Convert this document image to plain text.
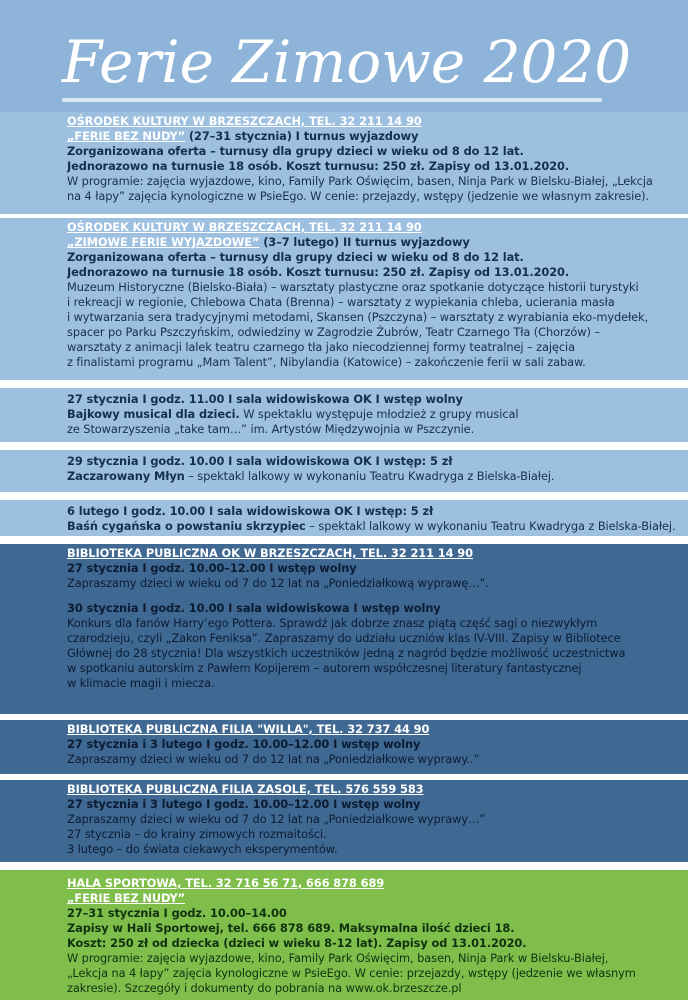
Ferie Zimowe 2020
OŚRODEK KULTURY W BRZESZCZACH, TEL. 32 211 14 90
„FERIE BEZ NUDY” (27–31 stycznia) I turnus wyjazdowy
Zorganizowana oferta – turnusy dla grupy dzieci w wieku od 8 do 12 lat.
Jednorazowo na turnusie 18 osób. Koszt turnusu: 250 zł. Zapisy od 13.01.2020.
W programie: zajęcia wyjazdowe, kino, Family Park Oświęcim, basen, Ninja Park w Bielsku-Białej, „Lekcja
na 4 łapy” zajęcia kynologiczne w PsieEgo. W cenie: przejazdy, wstępy (jedzenie we własnym zakresie).
OŚRODEK KULTURY W BRZESZCZACH, TEL. 32 211 14 90
„ZIMOWE FERIE WYJAZDOWE” (3–7 lutego) II turnus wyjazdowy
Zorganizowana oferta – turnusy dla grupy dzieci w wieku od 8 do 12 lat.
Jednorazowo na turnusie 18 osób. Koszt turnusu: 250 zł. Zapisy od 13.01.2020.
Muzeum Historyczne (Bielsko-Biała) – warsztaty plastyczne oraz spotkanie dotyczące historii turystyki
i rekreacji w regionie, Chlebowa Chata (Brenna) – warsztaty z wypiekania chleba, ucierania masła
i wytwarzania sera tradycyjnymi metodami, Skansen (Pszczyna) – warsztaty z wyrabiania eko-mydełek,
spacer po Parku Pszczyńskim, odwiedziny w Zagrodzie Żubrów, Teatr Czarnego Tła (Chorzów) –
warsztaty z animacji lalek teatru czarnego tła jako niecodziennej formy teatralnej – zajęcia
z finalistami programu „Mam Talent”, Nibylandia (Katowice) – zakończenie ferii w sali zabaw.
27 stycznia I godz. 11.00 I sala widowiskowa OK I wstęp wolny
Bajkowy musical dla dzieci. W spektaklu występuje młodzież z grupy musical
ze Stowarzyszenia „take tam…” im. Artystów Międzywojnia w Pszczynie.
29 stycznia I godz. 10.00 I sala widowiskowa OK I wstęp: 5 zł
Zaczarowany Młyn – spektakl lalkowy w wykonaniu Teatru Kwadryga z Bielska-Białej.
6 lutego I godz. 10.00 I sala widowiskowa OK I wstęp: 5 zł
Baśń cygańska o powstaniu skrzypiec – spektakl lalkowy w wykonaniu Teatru Kwadryga z Bielska-Białej.
BIBLIOTEKA PUBLICZNA OK W BRZESZCZACH, TEL. 32 211 14 90
27 stycznia I godz. 10.00–12.00 I wstęp wolny
Zapraszamy dzieci w wieku od 7 do 12 lat na „Poniedziałkową wyprawę…”.
30 stycznia I godz. 10.00 I sala widowiskowa I wstęp wolny
Konkurs dla fanów Harry’ego Pottera. Sprawdź jak dobrze znasz piątą część sagi o niezwykłym
czarodzieju, czyli „Zakon Feniksa”. Zapraszamy do udziału uczniów klas IV-VIII. Zapisy w Bibliotece
Głównej do 28 stycznia! Dla wszystkich uczestników jedną z nagród będzie możliwość uczestnictwa
w spotkaniu autorskim z Pawłem Kopijerem – autorem współczesnej literatury fantastycznej
w klimacie magii i miecza.
BIBLIOTEKA PUBLICZNA FILIA "WILLA", TEL. 32 737 44 90
27 stycznia i 3 lutego I godz. 10.00–12.00 I wstęp wolny
Zapraszamy dzieci w wieku od 7 do 12 lat na „Poniedziałkowe wyprawy..”
BIBLIOTEKA PUBLICZNA FILIA ZASOLE, TEL. 576 559 583
27 stycznia i 3 lutego I godz. 10.00–12.00 I wstęp wolny
Zapraszamy dzieci w wieku od 7 do 12 lat na „Poniedziałkowe wyprawy…”
27 stycznia – do krainy zimowych rozmaitości.
3 lutego – do świata ciekawych eksperymentów.
HALA SPORTOWA, TEL. 32 716 56 71, 666 878 689
„FERIE BEZ NUDY”
27–31 stycznia I godz. 10.00–14.00
Zapisy w Hali Sportowej, tel. 666 878 689. Maksymalna ilość dzieci 18.
Koszt: 250 zł od dziecka (dzieci w wieku 8-12 lat). Zapisy od 13.01.2020.
W programie: zajęcia wyjazdowe, kino, Family Park Oświęcim, basen, Ninja Park w Bielsku-Białej,
„Lekcja na 4 łapy” zajęcia kynologiczne w PsieEgo. W cenie: przejazdy, wstępy (jedzenie we własnym
zakresie). Szczegóły i dokumenty do pobrania na www.ok.brzeszcze.pl
